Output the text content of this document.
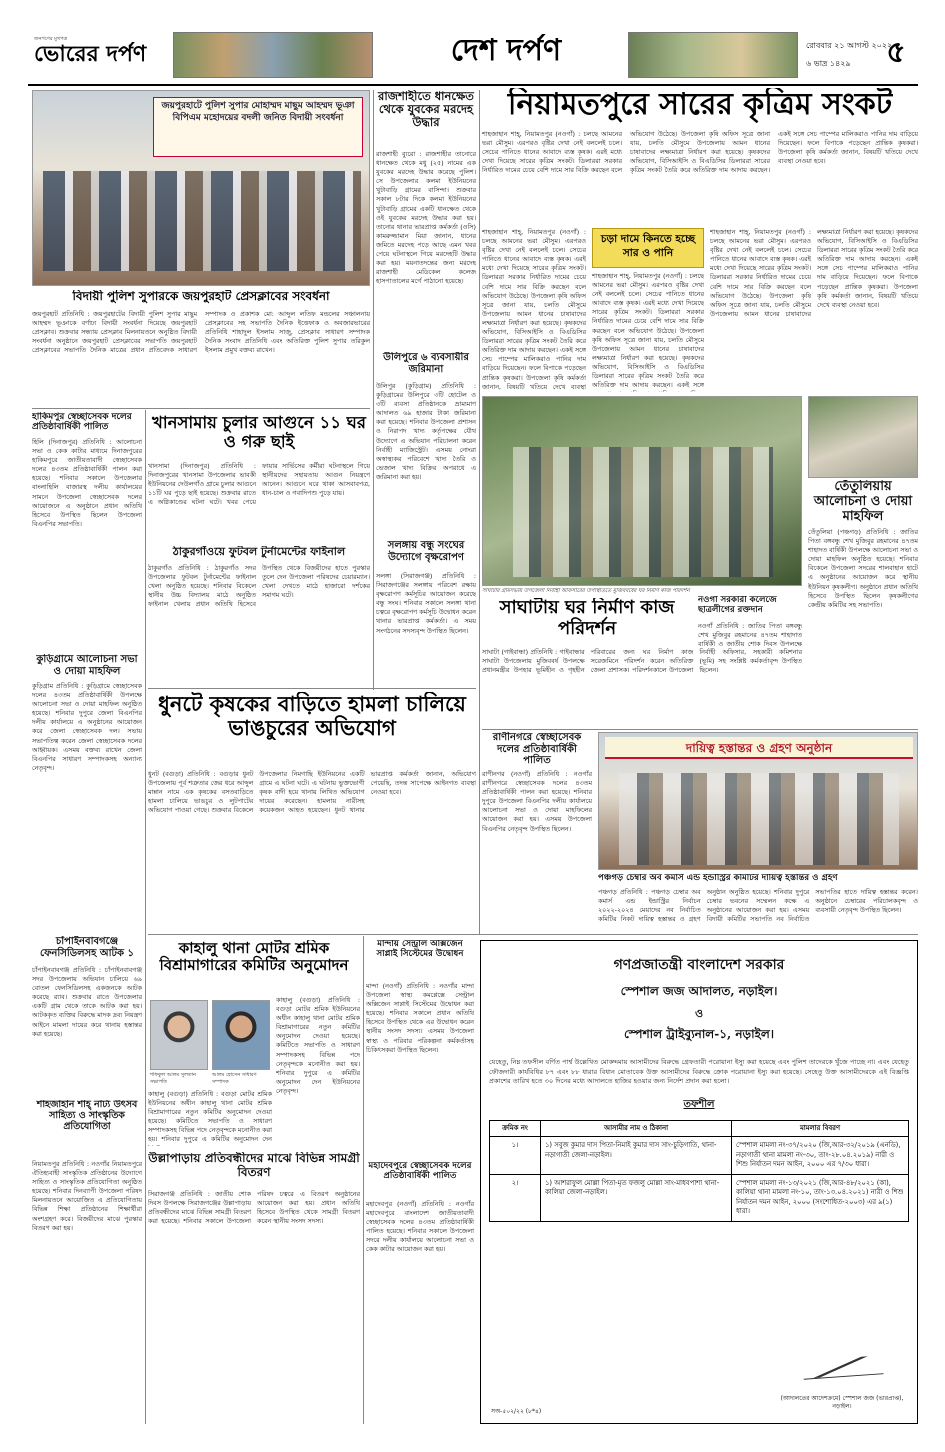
জনগণের মুখপত্র
ভোরের দর্পণ	দেশ দর্পণ	রোববার ২১ আগস্ট ২০২২
৬ ভাদ্র ১৪২৯	৫
জয়পুরহাটে পুলিশ সুপার মোহাম্মদ মাছুম আহম্মদ ভূঞা বিপিএম মহোদয়ের বদলী জনিত বিদায়ী সংবর্ধনা
বিদায়ী পুলিশ সুপারকে জয়পুরহাট প্রেসক্লাবের সংবর্ধনা
জয়পুরহাট প্রতিনিধি : জয়পুরহাটের বিদায়ী পুলিশ সুপার মাছুম আহম্মদ ভূঞাকে বর্ণাঢ্য বিদায়ী সংবর্ধনা দিয়েছে জয়পুরহাট প্রেসক্লাব। শুক্রবার সন্ধ্যায় প্রেসক্লাব মিলনায়তনে অনুষ্ঠিত বিদায়ী সংবর্ধনা অনুষ্ঠানে জয়পুরহাট প্রেসক্লাবের সভাপতি জয়পুরহাট প্রেসক্লাবের সভাপতি দৈনিক মাত্রের প্রধান প্রতিবেদক সাধারণ সম্পাদক ও প্রকাশক মো: আব্দুল লতিফ মন্ডলের সঞ্চালনায় প্রেসক্লাবের সহ সভাপতি দৈনিক ইত্তেফাক ও অবজারভারের প্রতিনিধি শাহাদুল ইসলাম সাজু, প্রেসক্লাব সাধারণ সম্পাদক দৈনিক সংবাদ প্রতিনিধি এবং অতিরিক্ত পুলিশ সুপার তরিকুল ইসলাম প্রমুখ বক্তব্য রাখেন।
রাজশাহীতে ধানক্ষেত থেকে যুবকের মরদেহ উদ্ধার
রাজশাহী ব্যুরো : রাজশাহীর তানোরে ধানক্ষেত থেকে মধু (২৫) নামের এক যুবকের মরদেহ উদ্ধার করেছে পুলিশ। সে উপজেলার কলমা ইউনিয়নের খুটাবাড়ি গ্রামের বাসিন্দা। শুক্রবার সকাল ৮টার দিকে কলমা ইউনিয়নের খুটাবাড়ি গ্রামের একটি ধানক্ষেত থেকে ওই যুবকের মরদেহ উদ্ধার করা হয়। তানোর থানার ভারপ্রাপ্ত কর্মকর্তা (ওসি) কামরুজ্জামান মিয়া জানান, ধানের জমিতে মরদেহ পড়ে আছে এমন খবর পেয়ে ঘটনাস্থলে গিয়ে মরদেহটি উদ্ধার করা হয়। ময়নাতদন্তের জন্য মরদেহ রাজশাহী মেডিকেল কলেজ হাসপাতালের মর্গে পাঠানো হয়েছে।
উলিপুরে ৬ ব্যবসায়ীর জরিমানা
উলিপুর (কুড়িগ্রাম) প্রতিনিধি : কুড়িগ্রামের উলিপুরে ৩টি হোটেল ও ৩টি ব্যবসা প্রতিষ্ঠানকে ভ্রাম্যমাণ আদালত ৬৯ হাজার টাকা জরিমানা করা হয়েছে। শনিবার উপজেলা প্রশাসন ও নিরাপদ খাদ্য কর্তৃপক্ষের যৌথ উদ্যোগে এ অভিযান পরিচালনা করেন নির্বাহী ম্যাজিস্ট্রেট। এসময় নোংরা অস্বাস্থ্যকর পরিবেশে খাদ্য তৈরি ও ভেজাল খাদ্য বিক্রির অপরাধে এ জরিমানা করা হয়।
নিয়ামতপুরে সারের কৃত্রিম সংকট
শাহজাহান শাহ্, নিয়ামতপুর (নওগাঁ) : চলছে আমনের ভরা মৌসুম। এরপরও বৃষ্টির দেখা নেই বললেই চলে। সেচের পানিতে ধানের আবাদে ব্যস্ত কৃষক। এরই মধ্যে দেখা দিয়েছে সারের কৃত্রিম সংকট। ডিলাররা সরকার নির্ধারিত দামের চেয়ে বেশি দামে সার বিক্রি করছেন বলে অভিযোগ উঠেছে। উপজেলা কৃষি অফিস সূত্রে জানা যায়, চলতি মৌসুমে উপজেলায় আমন ধানের চাষাবাদের লক্ষ্যমাত্রা নির্ধারণ করা হয়েছে। কৃষকদের অভিযোগ, বিসিআইসি ও বিএডিসির ডিলাররা সারের কৃত্রিম সংকট তৈরি করে অতিরিক্ত দাম আদায় করছেন। একই সঙ্গে সেচ পাম্পের মালিকরাও পানির দাম বাড়িয়ে দিয়েছেন। ফলে বিপাকে পড়েছেন প্রান্তিক কৃষকরা। উপজেলা কৃষি কর্মকর্তা জানান, বিষয়টি খতিয়ে দেখে ব্যবস্থা নেওয়া হবে।
চড়া দামে কিনতে হচ্ছে সার ও পানি
শাহজাহান শাহ্, নিয়ামতপুর (নওগাঁ) : চলছে আমনের ভরা মৌসুম। এরপরও বৃষ্টির দেখা নেই বললেই চলে। সেচের পানিতে ধানের আবাদে ব্যস্ত কৃষক। এরই মধ্যে দেখা দিয়েছে সারের কৃত্রিম সংকট। ডিলাররা সরকার নির্ধারিত দামের চেয়ে বেশি দামে সার বিক্রি করছেন বলে অভিযোগ উঠেছে। উপজেলা কৃষি অফিস সূত্রে জানা যায়, চলতি মৌসুমে উপজেলায় আমন ধানের চাষাবাদের লক্ষ্যমাত্রা নির্ধারণ করা হয়েছে। কৃষকদের অভিযোগ, বিসিআইসি ও বিএডিসির ডিলাররা সারের কৃত্রিম সংকট তৈরি করে অতিরিক্ত দাম আদায় করছেন। একই সঙ্গে সেচ পাম্পের মালিকরাও পানির দাম বাড়িয়ে দিয়েছেন। ফলে বিপাকে পড়েছেন প্রান্তিক কৃষকরা। উপজেলা কৃষি কর্মকর্তা জানান, বিষয়টি খতিয়ে দেখে ব্যবস্থা
শাহজাহান শাহ্, নিয়ামতপুর (নওগাঁ) : চলছে আমনের ভরা মৌসুম। এরপরও বৃষ্টির দেখা নেই বললেই চলে। সেচের পানিতে ধানের আবাদে ব্যস্ত কৃষক। এরই মধ্যে দেখা দিয়েছে সারের কৃত্রিম সংকট। ডিলাররা সরকার নির্ধারিত দামের চেয়ে বেশি দামে সার বিক্রি করছেন বলে অভিযোগ উঠেছে। উপজেলা কৃষি অফিস সূত্রে জানা যায়, চলতি মৌসুমে উপজেলায় আমন ধানের চাষাবাদের লক্ষ্যমাত্রা নির্ধারণ করা হয়েছে। কৃষকদের অভিযোগ, বিসিআইসি ও বিএডিসির ডিলাররা সারের কৃত্রিম সংকট তৈরি করে অতিরিক্ত দাম আদায় করছেন। একই সঙ্গে
শাহজাহান শাহ্, নিয়ামতপুর (নওগাঁ) : চলছে আমনের ভরা মৌসুম। এরপরও বৃষ্টির দেখা নেই বললেই চলে। সেচের পানিতে ধানের আবাদে ব্যস্ত কৃষক। এরই মধ্যে দেখা দিয়েছে সারের কৃত্রিম সংকট। ডিলাররা সরকার নির্ধারিত দামের চেয়ে বেশি দামে সার বিক্রি করছেন বলে অভিযোগ উঠেছে। উপজেলা কৃষি অফিস সূত্রে জানা যায়, চলতি মৌসুমে উপজেলায় আমন ধানের চাষাবাদের লক্ষ্যমাত্রা নির্ধারণ করা হয়েছে। কৃষকদের অভিযোগ, বিসিআইসি ও বিএডিসির ডিলাররা সারের কৃত্রিম সংকট তৈরি করে অতিরিক্ত দাম আদায় করছেন। একই সঙ্গে সেচ পাম্পের মালিকরাও পানির দাম বাড়িয়ে দিয়েছেন। ফলে বিপাকে পড়েছেন প্রান্তিক কৃষকরা। উপজেলা কৃষি কর্মকর্তা জানান, বিষয়টি খতিয়ে দেখে ব্যবস্থা নেওয়া হবে।
সলঙ্গায় বন্ধু সংঘের উদ্যোগে বৃক্ষরোপণ
সলঙ্গা (সিরাজগঞ্জ) প্রতিনিধি : সিরাজগঞ্জের সলঙ্গায় পরিবেশ রক্ষায় বৃক্ষরোপণ কর্মসূচির আয়োজন করেছে বন্ধু সংঘ। শনিবার সকালে সলঙ্গা থানা চত্বরে বৃক্ষরোপণ কর্মসূচি উদ্বোধন করেন থানার ভারপ্রাপ্ত কর্মকর্তা। এ সময় সংগঠনের সদস্যবৃন্দ উপস্থিত ছিলেন।
সাঘাটার গ্রামসভায় উপজেলা নির্বাহী অফিসারের উপস্থিতিতে মুজিববর্ষের ঘর নির্মাণ কাজ পরিদর্শন
সাঘাটায় ঘর নির্মাণ কাজ পরিদর্শন
সাঘাটা (গাইবান্ধা) প্রতিনিধি : গাইবান্ধার সাঘাটা উপজেলায় মুজিববর্ষ উপলক্ষে প্রধানমন্ত্রীর উপহার ভূমিহীন ও গৃহহীন পরিবারের জন্য ঘর নির্মাণ কাজ সরেজমিনে পরিদর্শন করেন অতিরিক্ত জেলা প্রশাসক। পরিদর্শনকালে উপজেলা নির্বাহী অফিসার, সহকারী কমিশনার (ভূমি) সহ সংশ্লিষ্ট কর্মকর্তাবৃন্দ উপস্থিত ছিলেন।
নওগাঁ সরকারী কলেজে ছাত্রলীগের রক্তদান
নওগাঁ প্রতিনিধি : জাতির পিতা বঙ্গবন্ধু শেখ মুজিবুর রহমানের ৪৭তম শাহাদাত বার্ষিকী ও জাতীয় শোক দিবস উপলক্ষে
তেঁতুলিয়ায় আলোচনা ও দোয়া মাহফিল
তেঁতুলিয়া (পঞ্চগড়) প্রতিনিধি : জাতির পিতা বঙ্গবন্ধু শেখ মুজিবুর রহমানের ৪৭তম শাহাদত বার্ষিকী উপলক্ষে আলোচনা সভা ও দোয়া মাহফিল অনুষ্ঠিত হয়েছে। শনিবার বিকেলে উপজেলা সদরের শালবাহান হাটে এ অনুষ্ঠানের আয়োজন করে স্থানীয় ইউনিয়ন কৃষকলীগ। অনুষ্ঠানে প্রধান অতিথি হিসেবে উপস্থিত ছিলেন কৃষকলীগের কেন্দ্রীয় কমিটির সহ সভাপতি।
হাকিমপুর স্বেচ্ছাসেবক দলের প্রতিষ্ঠাবার্ষিকী পালিত
হিলি (দিনাজপুর) প্রতিনিধি : আলোচনা সভা ও কেক কাটার মাধ্যমে দিনাজপুরের হাকিমপুরে জাতীয়তাবাদী স্বেচ্ছাসেবক দলের ৪৩তম প্রতিষ্ঠাবার্ষিকী পালন করা হয়েছে। শনিবার সকালে উপজেলার বাংলাহিলি বাজারস্থ দলীয় কার্যালয়ের সামনে উপজেলা স্বেচ্ছাসেবক দলের আয়োজনে এ অনুষ্ঠানে প্রধান অতিথি হিসেবে উপস্থিত ছিলেন উপজেলা বিএনপির সভাপতি।
খানসামায় চুলার আগুনে ১১ ঘর ও গরু ছাই
খানসামা (দিনাজপুর) প্রতিনিধি : দিনাজপুরের খানসামা উপজেলার ভাবকী ইউনিয়নের দেউলগাঁও গ্রামে চুলার আগুনে ১১টি ঘর পুড়ে ছাই হয়েছে। শুক্রবার রাতে এ অগ্নিকাণ্ডের ঘটনা ঘটে। খবর পেয়ে ফায়ার সার্ভিসের কর্মীরা ঘটনাস্থলে গিয়ে স্থানীয়দের সহায়তায় আগুন নিয়ন্ত্রণে আনেন। আগুনে ঘরে থাকা আসবাবপত্র, ধান-চাল ও গবাদিপশু পুড়ে যায়।
ঠাকুরগাঁওয়ে ফুটবল টুর্নামেন্টের ফাইনাল
ঠাকুরগাঁও প্রতিনিধি : ঠাকুরগাঁও সদর উপজেলার ফুটবল টুর্নামেন্টের ফাইনাল খেলা অনুষ্ঠিত হয়েছে। শনিবার বিকেলে স্থানীয় উচ্চ বিদ্যালয় মাঠে অনুষ্ঠিত ফাইনাল খেলায় প্রধান অতিথি হিসেবে উপস্থিত থেকে বিজয়ীদের হাতে পুরস্কার তুলে দেন উপজেলা পরিষদের চেয়ারম্যান। খেলা দেখতে মাঠে হাজারো দর্শকের সমাগম ঘটে।
কুড়িগ্রামে আলোচনা সভা ও দোয়া মাহফিল
কুড়িগ্রাম প্রতিনিধি : কুড়িগ্রামে স্বেচ্ছাসেবক দলের ৪৩তম প্রতিষ্ঠাবার্ষিকী উপলক্ষে আলোচনা সভা ও দোয়া মাহফিল অনুষ্ঠিত হয়েছে। শনিবার দুপুরে জেলা বিএনপির দলীয় কার্যালয়ে এ অনুষ্ঠানের আয়োজন করে জেলা স্বেচ্ছাসেবক দল। সভায় সভাপতিত্ব করেন জেলা স্বেচ্ছাসেবক দলের আহ্বায়ক। এসময় বক্তব্য রাখেন জেলা বিএনপির সাধারণ সম্পাদকসহ অন্যান্য নেতৃবৃন্দ।
ধুনটে কৃষকের বাড়িতে হামলা চালিয়ে ভাঙচুরের অভিযোগ
ধুনট (বগুড়া) প্রতিনিধি : বগুড়ার ধুনট উপজেলায় পূর্ব শত্রুতার জের ধরে আব্দুল মান্নান নামে এক কৃষকের বসতবাড়িতে হামলা চালিয়ে ভাঙচুর ও লুটপাটের অভিযোগ পাওয়া গেছে। শুক্রবার বিকেলে উপজেলার নিমগাছি ইউনিয়নের একটি গ্রামে এ ঘটনা ঘটে। এ ঘটনায় ভুক্তভোগী কৃষক বাদী হয়ে থানায় লিখিত অভিযোগ দায়ের করেছেন। হামলায় নারীসহ কয়েকজন আহত হয়েছেন। ধুনট থানার ভারপ্রাপ্ত কর্মকর্তা জানান, অভিযোগ পেয়েছি, তদন্ত সাপেক্ষে আইনগত ব্যবস্থা নেওয়া হবে।
রাণীনগরে স্বেচ্ছাসেবক দলের প্রতিষ্ঠাবার্ষিকী পালিত
রাণীনগর (নওগাঁ) প্রতিনিধি : নওগাঁর রাণীনগরে স্বেচ্ছাসেবক দলের ৪৩তম প্রতিষ্ঠাবার্ষিকী পালন করা হয়েছে। শনিবার দুপুরে উপজেলা বিএনপির দলীয় কার্যালয়ে আলোচনা সভা ও দোয়া মাহফিলের আয়োজন করা হয়। এসময় উপজেলা বিএনপির নেতৃবৃন্দ উপস্থিত ছিলেন।
দায়িত্ব হস্তান্তর ও গ্রহণ অনুষ্ঠান
পঞ্চগড় চেম্বার অব কমার্স এন্ড ইন্ডাস্ট্রির কমিটির দায়িত্ব হস্তান্তর ও গ্রহণ
পঞ্চগড় প্রতিনিধি : পঞ্চগড় চেম্বার অব কমার্স এন্ড ইন্ডাস্ট্রির নির্বাচন ২০২২-২০২৪ মেয়াদের নব নির্বাচিত কমিটির নিকট দায়িত্ব হস্তান্তর ও গ্রহণ অনুষ্ঠান অনুষ্ঠিত হয়েছে। শনিবার দুপুরে চেম্বার ভবনের সম্মেলন কক্ষে এ অনুষ্ঠানের আয়োজন করা হয়। এসময় বিদায়ী কমিটির সভাপতি নব নির্বাচিত সভাপতির হাতে দায়িত্ব হস্তান্তর করেন। অনুষ্ঠানে চেম্বারের পরিচালকবৃন্দ ও ব্যবসায়ী নেতৃবৃন্দ উপস্থিত ছিলেন।
চাঁপাইনবাবগঞ্জে ফেনসিডিলসহ আটক ১
চাঁপাইনবাবগঞ্জ প্রতিনিধি : চাঁপাইনবাবগঞ্জ সদর উপজেলায় অভিযান চালিয়ে ৬৯ বোতল ফেনসিডিলসহ একজনকে আটক করেছে র‍্যাব। শুক্রবার রাতে উপজেলার একটি গ্রাম থেকে তাকে আটক করা হয়। আটককৃত ব্যক্তির বিরুদ্ধে মাদক দ্রব্য নিয়ন্ত্রণ আইনে মামলা দায়ের করে থানায় হস্তান্তর করা হয়েছে।
শাহজাহান শাহ্ নাট্য উৎসব সাহিত্য ও সাংস্কৃতিক প্রতিযোগিতা
নিয়ামতপুর প্রতিনিধি : নওগাঁর নিয়ামতপুরে ঐতিহ্যবাহী সাংস্কৃতিক প্রতিষ্ঠানের উদ্যোগে সাহিত্য ও সাংস্কৃতিক প্রতিযোগিতা অনুষ্ঠিত হয়েছে। শনিবার দিনব্যাপী উপজেলা পরিষদ মিলনায়তনে আয়োজিত এ প্রতিযোগিতায় বিভিন্ন শিক্ষা প্রতিষ্ঠানের শিক্ষার্থীরা অংশগ্রহণ করে। বিজয়ীদের মাঝে পুরস্কার বিতরণ করা হয়।
কাহালু থানা মোটর শ্রমিক বিশ্রামাগারের কমিটির অনুমোদন
শফিকুল আলম সুলতান সভাপতি
আলম হোসেন সাধারণ সম্পাদক
কাহালু (বগুড়া) প্রতিনিধি : বগুড়া মোটর শ্রমিক ইউনিয়নের অধীন কাহালু থানা মোটর শ্রমিক বিশ্রামাগারের নতুন কমিটির অনুমোদন দেওয়া হয়েছে। কমিটিতে সভাপতি ও সাধারণ সম্পাদকসহ বিভিন্ন পদে নেতৃবৃন্দকে মনোনীত করা হয়। শনিবার দুপুরে এ কমিটির অনুমোদন দেন ইউনিয়নের নেতৃবৃন্দ।
কাহালু (বগুড়া) প্রতিনিধি : বগুড়া মোটর শ্রমিক ইউনিয়নের অধীন কাহালু থানা মোটর শ্রমিক বিশ্রামাগারের নতুন কমিটির অনুমোদন দেওয়া হয়েছে। কমিটিতে সভাপতি ও সাধারণ সম্পাদকসহ বিভিন্ন পদে নেতৃবৃন্দকে মনোনীত করা হয়। শনিবার দুপুরে এ কমিটির অনুমোদন দেন
উল্লাপাড়ায় প্রতিবন্ধীদের মাঝে বিভিন্ন সামগ্রী বিতরণ
সিরাজগঞ্জ প্রতিনিধি : জাতীয় শোক দিবস উপলক্ষে সিরাজগঞ্জের উল্লাপাড়ায় প্রতিবন্ধীদের মাঝে বিভিন্ন সামগ্রী বিতরণ করা হয়েছে। শনিবার সকালে উপজেলা পরিষদ চত্বরে এ বিতরণ অনুষ্ঠানের আয়োজন করা হয়। প্রধান অতিথি হিসেবে উপস্থিত থেকে সামগ্রী বিতরণ করেন স্থানীয় সংসদ সদস্য।
মান্দায় সেন্ট্রাল অক্সিজেন সাপ্লাই সিস্টেমের উদ্বোধন
মান্দা (নওগাঁ) প্রতিনিধি : নওগাঁর মান্দা উপজেলা স্বাস্থ্য কমপ্লেক্সে সেন্ট্রাল অক্সিজেন সাপ্লাই সিস্টেমের উদ্বোধন করা হয়েছে। শনিবার সকালে প্রধান অতিথি হিসেবে উপস্থিত থেকে এর উদ্বোধন করেন স্থানীয় সংসদ সদস্য। এসময় উপজেলা স্বাস্থ্য ও পরিবার পরিকল্পনা কর্মকর্তাসহ চিকিৎসকরা উপস্থিত ছিলেন।
মহাদেবপুরে স্বেচ্ছাসেবক দলের প্রতিষ্ঠাবার্ষিকী পালিত
মহাদেবপুর (নওগাঁ) প্রতিনিধি : নওগাঁর মহাদেবপুরে বাংলাদেশ জাতীয়তাবাদী স্বেচ্ছাসেবক দলের ৪৩তম প্রতিষ্ঠাবার্ষিকী পালিত হয়েছে। শনিবার সকালে উপজেলা সদরে দলীয় কার্যালয়ে আলোচনা সভা ও কেক কাটার আয়োজন করা হয়।
গণপ্রজাতন্ত্রী বাংলাদেশ সরকার
স্পেশাল জজ আদালত, নড়াইল।
ও
স্পেশাল ট্রাইব্যুনাল-১, নড়াইল।
যেহেতু, নিম্ন তফসীল বর্ণিত পার্শ্ব উল্লেখিত মোকদ্দমায় আসামীদের বিরুদ্ধে গ্রেফতারী পরোয়ানা ইস্যু করা হয়েছে এবং পুলিশ তাদেরকে খুঁজে পাচ্ছে না। এবং যেহেতু ফৌজদারী কার্যবিধির ৮৭ এবং ৮৮ ধারার বিধান মোতাবেক উক্ত আসামীদের বিরুদ্ধে ক্রোক পরোয়ানা ইস্যু করা হয়েছে। সেহেতু উক্ত আসামীদেরকে এই বিজ্ঞপ্তি প্রকাশের তারিখ হতে ৩০ দিনের মধ্যে আদালতে হাজির হওয়ার জন্য নির্দেশ প্রদান করা হলো।
তফশীল
ক্রমিক নং	আসামীর নাম ও ঠিকানা	মামলার বিবরণ
১।	১) সবুজ কুমার দাস পিতা-নিমাই কুমার দাস সাং-চুড়িগাতি, থানা-নড়াগাতী জেলা-নড়াইল।	স্পেশাল মামলা নং-৩৭/২০২০ (জি,আর-৩২/২০১৯ (এনডি), নড়াগাতী থানা মামলা নং-৩০, তাং-২৮.০৪.২০১৯) নারী ও শিশু নির্যাতন দমন আইন, ২০০০ এর ৭/৩০ ধারা।
২।	১) আশরাফুল মোল্লা পিতা-মৃত ফজলু মোল্লা সাং-মাধবপাশা থানা-কালিয়া জেলা-নড়াইল।	স্পেশাল মামলা নং-১৩/২০২১ (জি,আর-৪৮/২০২১ (কা), কালিয়া থানা মামলা নং-১০, তাং-১৩.০৪.২০২১) নারী ও শিশু নির্যাতন দমন আইন, ২০০০ (সংশোধিত-২০০৩) এর ৯(১) ধারা।
(আদালতের আদেশক্রমে) স্পেশাল জজ (ভারপ্রাপ্ত), নড়াইল।
সঅ-৫০২/২২ (৮*৪)
